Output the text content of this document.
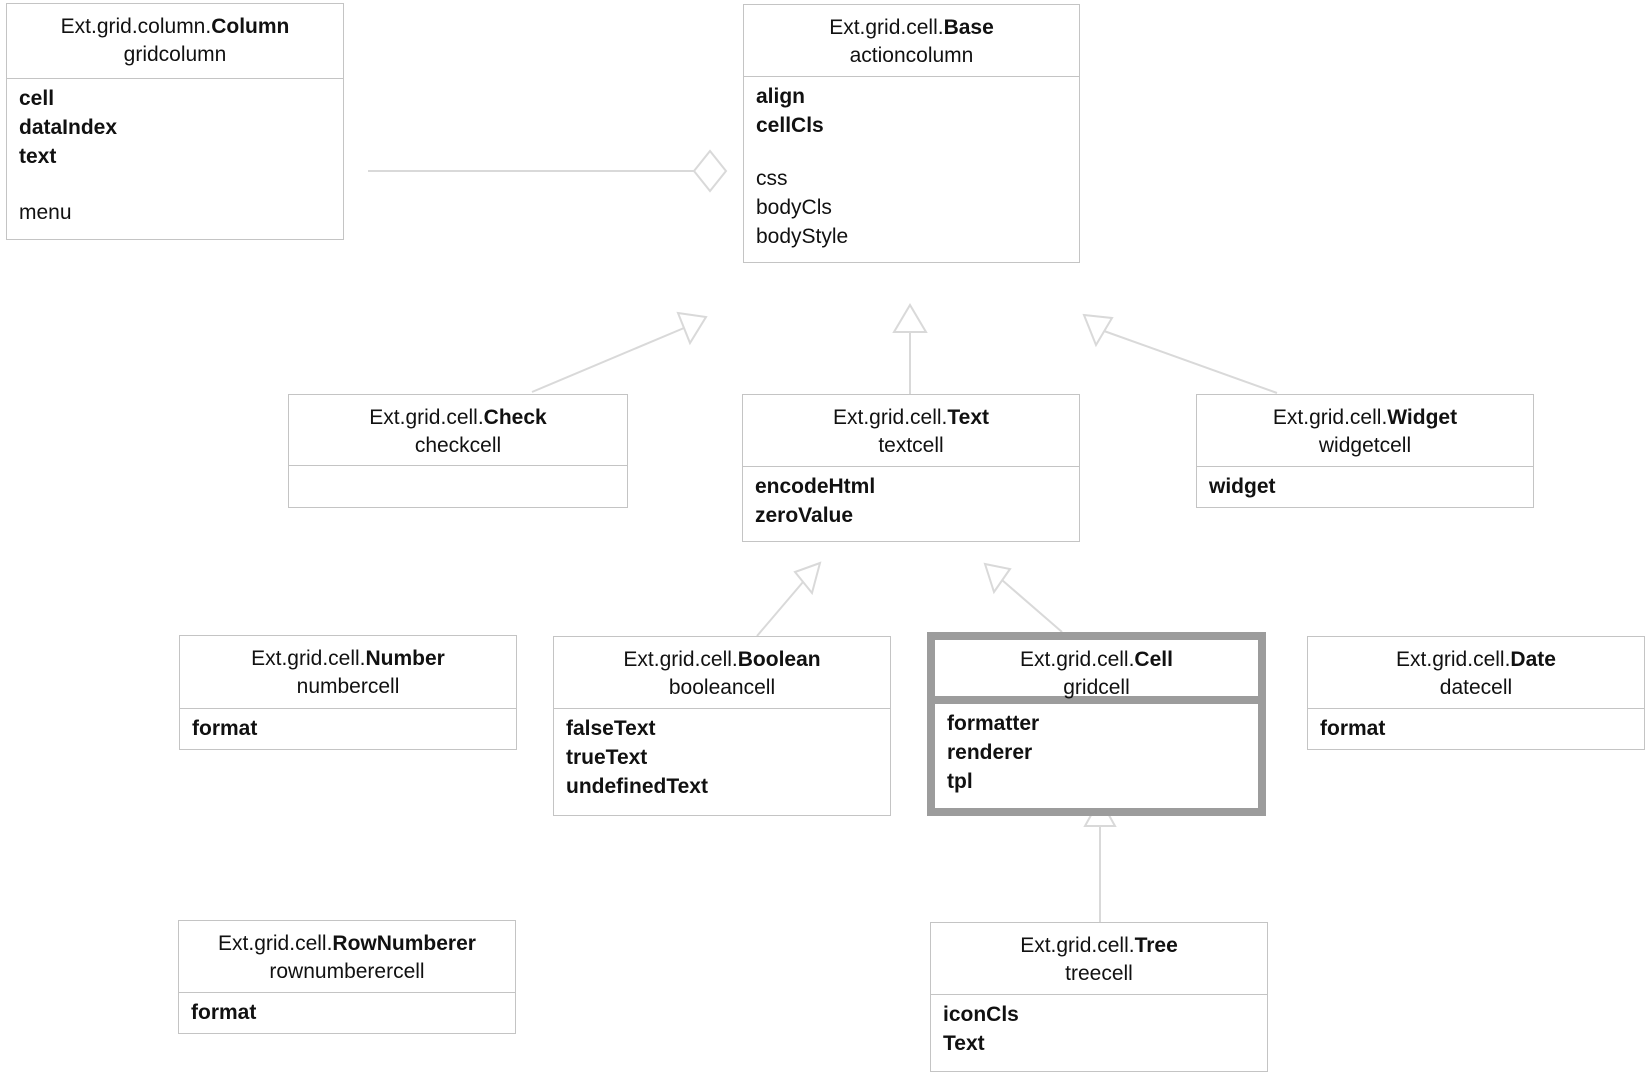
Ext.grid.column.Column
gridcolumn
cell
dataIndex
text
menu
Ext.grid.cell.Base
actioncolumn
align
cellCls
css
bodyCls
bodyStyle
Ext.grid.cell.Check
checkcell
Ext.grid.cell.Text
textcell
encodeHtml
zeroValue
Ext.grid.cell.Widget
widgetcell
widget
Ext.grid.cell.Number
numbercell
format
Ext.grid.cell.Boolean
booleancell
falseText
trueText
undefinedText
Ext.grid.cell.Cell
gridcell
formatter
renderer
tpl
Ext.grid.cell.Date
datecell
format
Ext.grid.cell.RowNumberer
rownumberercell
format
Ext.grid.cell.Tree
treecell
iconCls
Text
